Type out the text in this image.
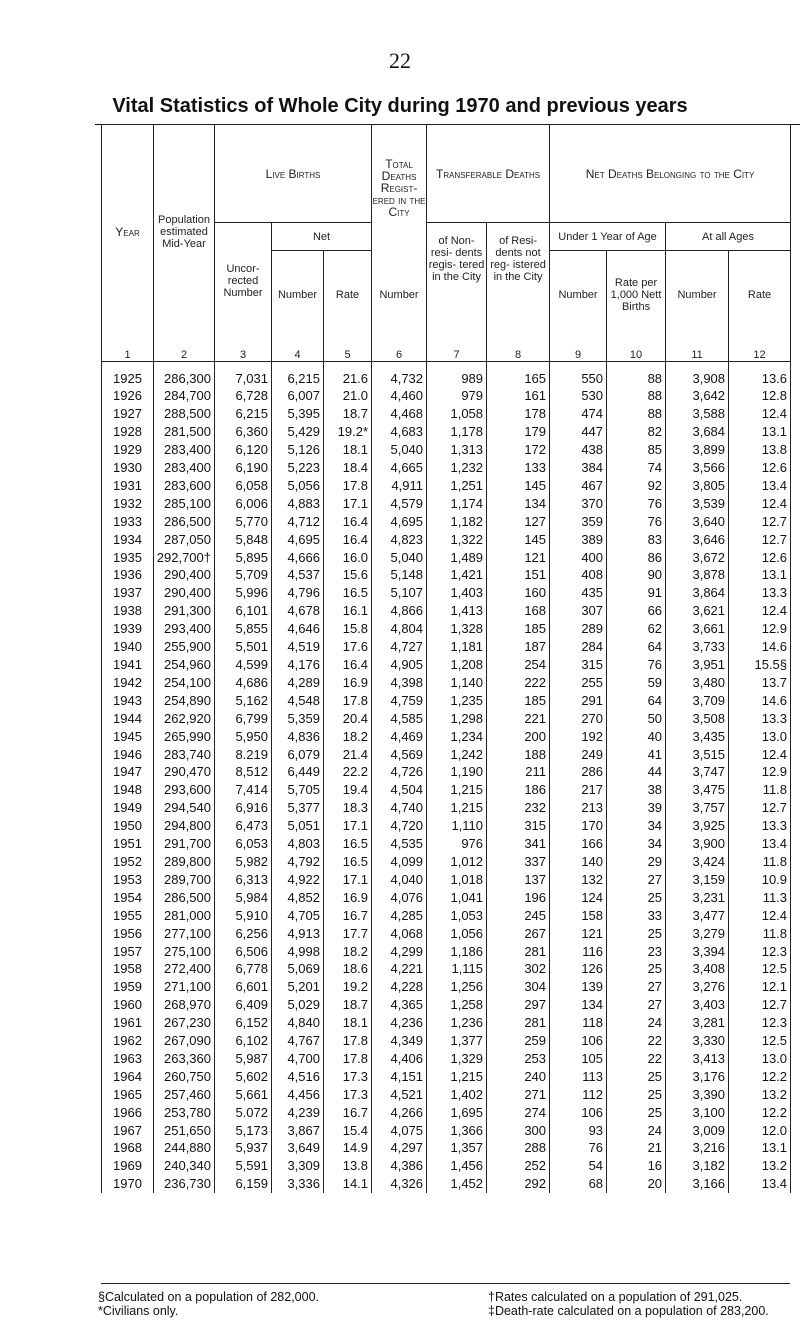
22
Vital Statistics of Whole City during 1970 and previous years
Year	Population estimated Mid-Year	Live Births			Total Deaths Regist- ered in the City	Transferable Deaths		Net Deaths Belonging to the City			
		Uncor- rected Number	Net			of Non- resi- dents regis- tered in the City	of Resi- dents not reg- istered in the City	Under 1 Year of Age		At all Ages	
			Number	Rate	Number			Number	Rate per 1,000 Nett Births	Number	Rate
1	2	3	4	5	6	7	8	9	10	11	12
1925	286,300	7,031	6,215	21.6	4,732	989	165	550	88	3,908	13.6
1926	284,700	6,728	6,007	21.0	4,460	979	161	530	88	3,642	12.8
1927	288,500	6,215	5,395	18.7	4,468	1,058	178	474	88	3,588	12.4
1928	281,500	6,360	5,429	19.2*	4,683	1,178	179	447	82	3,684	13.1
1929	283,400	6,120	5,126	18.1	5,040	1,313	172	438	85	3,899	13.8
1930	283,400	6,190	5,223	18.4	4,665	1,232	133	384	74	3,566	12.6
1931	283,600	6,058	5,056	17.8	4,911	1,251	145	467	92	3,805	13.4
1932	285,100	6,006	4,883	17.1	4,579	1,174	134	370	76	3,539	12.4
1933	286,500	5,770	4,712	16.4	4,695	1,182	127	359	76	3,640	12.7
1934	287,050	5,848	4,695	16.4	4,823	1,322	145	389	83	3,646	12.7
1935	292,700†	5,895	4,666	16.0	5,040	1,489	121	400	86	3,672	12.6
1936	290,400	5,709	4,537	15.6	5,148	1,421	151	408	90	3,878	13.1
1937	290,400	5,996	4,796	16.5	5,107	1,403	160	435	91	3,864	13.3
1938	291,300	6,101	4,678	16.1	4,866	1,413	168	307	66	3,621	12.4
1939	293,400	5,855	4,646	15.8	4,804	1,328	185	289	62	3,661	12.9
1940	255,900	5,501	4,519	17.6	4,727	1,181	187	284	64	3,733	14.6
1941	254,960	4,599	4,176	16.4	4,905	1,208	254	315	76	3,951	15.5§
1942	254,100	4,686	4,289	16.9	4,398	1,140	222	255	59	3,480	13.7
1943	254,890	5,162	4,548	17.8	4,759	1,235	185	291	64	3,709	14.6
1944	262,920	6,799	5,359	20.4	4,585	1,298	221	270	50	3,508	13.3
1945	265,990	5,950	4,836	18.2	4,469	1,234	200	192	40	3,435	13.0
1946	283,740	8.219	6,079	21.4	4,569	1,242	188	249	41	3,515	12.4
1947	290,470	8,512	6,449	22.2	4,726	1,190	211	286	44	3,747	12.9
1948	293,600	7,414	5,705	19.4	4,504	1,215	186	217	38	3,475	11.8
1949	294,540	6,916	5,377	18.3	4,740	1,215	232	213	39	3,757	12.7
1950	294,800	6,473	5,051	17.1	4,720	1,110	315	170	34	3,925	13.3
1951	291,700	6,053	4,803	16.5	4,535	976	341	166	34	3,900	13.4
1952	289,800	5,982	4,792	16.5	4,099	1,012	337	140	29	3,424	11.8
1953	289,700	6,313	4,922	17.1	4,040	1,018	137	132	27	3,159	10.9
1954	286,500	5,984	4,852	16.9	4,076	1,041	196	124	25	3,231	11.3
1955	281,000	5,910	4,705	16.7	4,285	1,053	245	158	33	3,477	12.4
1956	277,100	6,256	4,913	17.7	4,068	1,056	267	121	25	3,279	11.8
1957	275,100	6,506	4,998	18.2	4,299	1,186	281	116	23	3,394	12.3
1958	272,400	6,778	5,069	18.6	4,221	1,115	302	126	25	3,408	12.5
1959	271,100	6,601	5,201	19.2	4,228	1,256	304	139	27	3,276	12.1
1960	268,970	6,409	5,029	18.7	4,365	1,258	297	134	27	3,403	12.7
1961	267,230	6,152	4,840	18.1	4,236	1,236	281	118	24	3,281	12.3
1962	267,090	6,102	4,767	17.8	4,349	1,377	259	106	22	3,330	12.5
1963	263,360	5,987	4,700	17.8	4,406	1,329	253	105	22	3,413	13.0
1964	260,750	5,602	4,516	17.3	4,151	1,215	240	113	25	3,176	12.2
1965	257,460	5,661	4,456	17.3	4,521	1,402	271	112	25	3,390	13.2
1966	253,780	5.072	4,239	16.7	4,266	1,695	274	106	25	3,100	12.2
1967	251,650	5,173	3,867	15.4	4,075	1,366	300	93	24	3,009	12.0
1968	244,880	5,937	3,649	14.9	4,297	1,357	288	76	21	3,216	13.1
1969	240,340	5,591	3,309	13.8	4,386	1,456	252	54	16	3,182	13.2
1970	236,730	6,159	3,336	14.1	4,326	1,452	292	68	20	3,166	13.4
§Calculated on a population of 282,000.
*Civilians only.
†Rates calculated on a population of 291,025.
‡Death-rate calculated on a population of 283,200.
